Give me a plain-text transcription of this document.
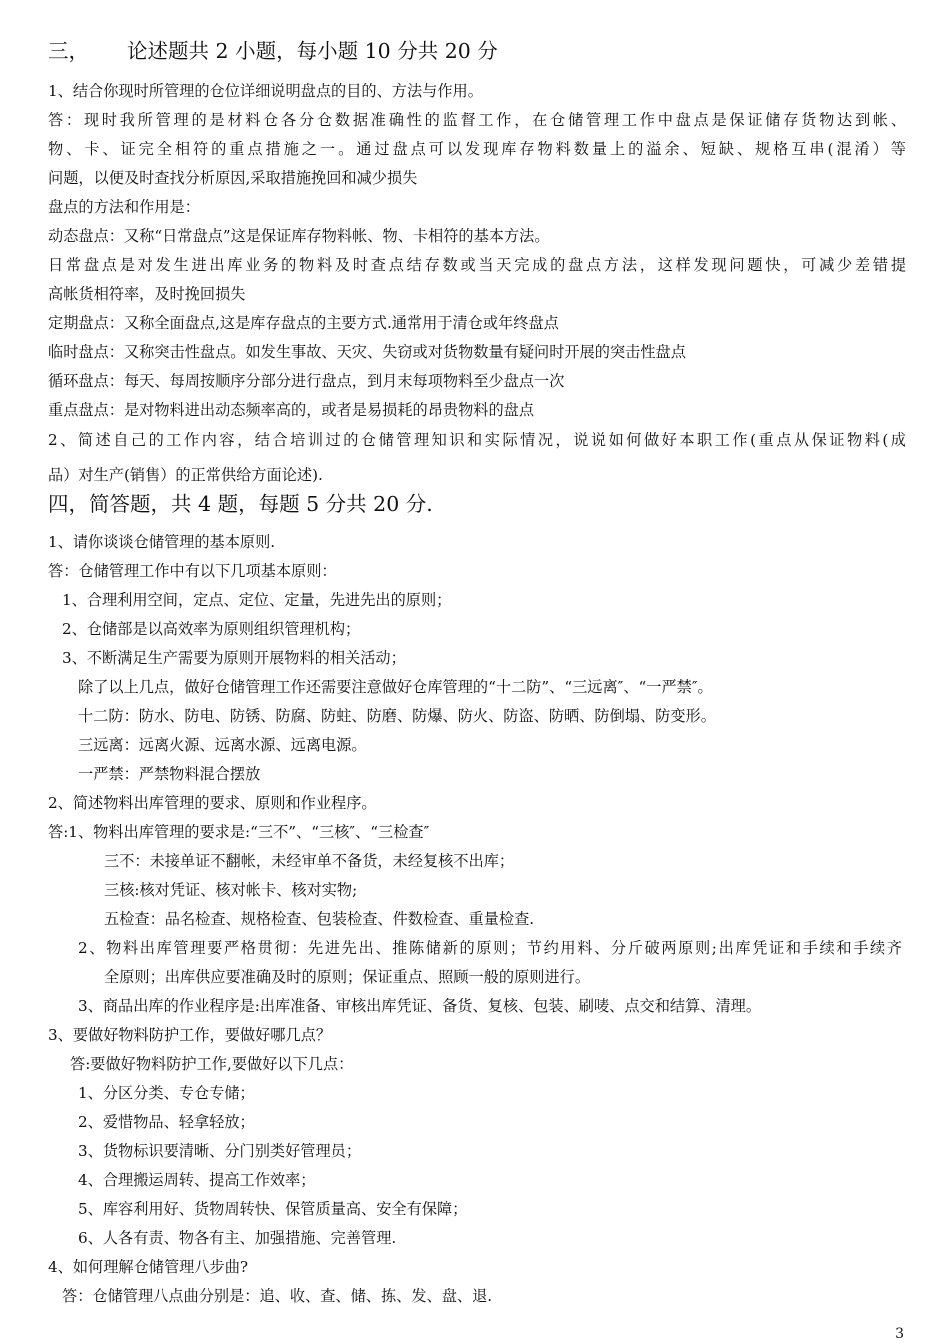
三， 论述题共 2 小题，每小题 10 分共 20 分
1、结合你现时所管理的仓位详细说明盘点的目的、方法与作用。
答：现时我所管理的是材料仓各分仓数据准确性的监督工作，在仓储管理工作中盘点是保证储存货物达到帐、
物、卡、证完全相符的重点措施之一。通过盘点可以发现库存物料数量上的溢余、短缺、规格互串(混淆）等
问题，以便及时查找分析原因,采取措施挽回和减少损失
盘点的方法和作用是：
动态盘点：又称“日常盘点”这是保证库存物料帐、物、卡相符的基本方法。
日常盘点是对发生进出库业务的物料及时查点结存数或当天完成的盘点方法，这样发现问题快，可减少差错提
高帐货相符率，及时挽回损失
定期盘点：又称全面盘点,这是库存盘点的主要方式.通常用于清仓或年终盘点
临时盘点：又称突击性盘点。如发生事故、天灾、失窃或对货物数量有疑问时开展的突击性盘点
循环盘点：每天、每周按顺序分部分进行盘点，到月末每项物料至少盘点一次
重点盘点：是对物料进出动态频率高的，或者是易损耗的昂贵物料的盘点
2、简述自己的工作内容，结合培训过的仓储管理知识和实际情况，说说如何做好本职工作(重点从保证物料(成
品）对生产(销售）的正常供给方面论述).
四，简答题，共 4 题，每题 5 分共 20 分.
1、请你谈谈仓储管理的基本原则.
答：仓储管理工作中有以下几项基本原则：
1、合理利用空间，定点、定位、定量，先进先出的原则；
2、仓储部是以高效率为原则组织管理机构；
3、不断满足生产需要为原则开展物料的相关活动；
除了以上几点，做好仓储管理工作还需要注意做好仓库管理的“十二防”、“三远离″、“一严禁″。
十二防：防水、防电、防锈、防腐、防蛀、防磨、防爆、防火、防盗、防晒、防倒塌、防变形。
三远离：远离火源、远离水源、远离电源。
一严禁：严禁物料混合摆放
2、简述物料出库管理的要求、原则和作业程序。
答:1、物料出库管理的要求是:“三不”、“三核″、“三检查″
三不：未接单证不翻帐，未经审单不备货，未经复核不出库；
三核:核对凭证、核对帐卡、核对实物;
五检查：品名检查、规格检查、包装检查、件数检查、重量检查.
2、物料出库管理要严格贯彻：先进先出、推陈储新的原则；节约用料、分斤破两原则;出库凭证和手续和手续齐
全原则；出库供应要准确及时的原则；保证重点、照顾一般的原则进行。
3、商品出库的作业程序是:出库准备、审核出库凭证、备货、复核、包装、刷唛、点交和结算、清理。
3、要做好物料防护工作，要做好哪几点？
答:要做好物料防护工作,要做好以下几点：
1、分区分类、专仓专储；
2、爱惜物品、轻拿轻放；
3、货物标识要清晰、分门别类好管理员；
4、合理搬运周转、提高工作效率；
5、库容利用好、货物周转快、保管质量高、安全有保障；
6、人各有责、物各有主、加强措施、完善管理.
4、如何理解仓储管理八步曲?
答：仓储管理八点曲分别是：追、收、查、储、拣、发、盘、退.
3
